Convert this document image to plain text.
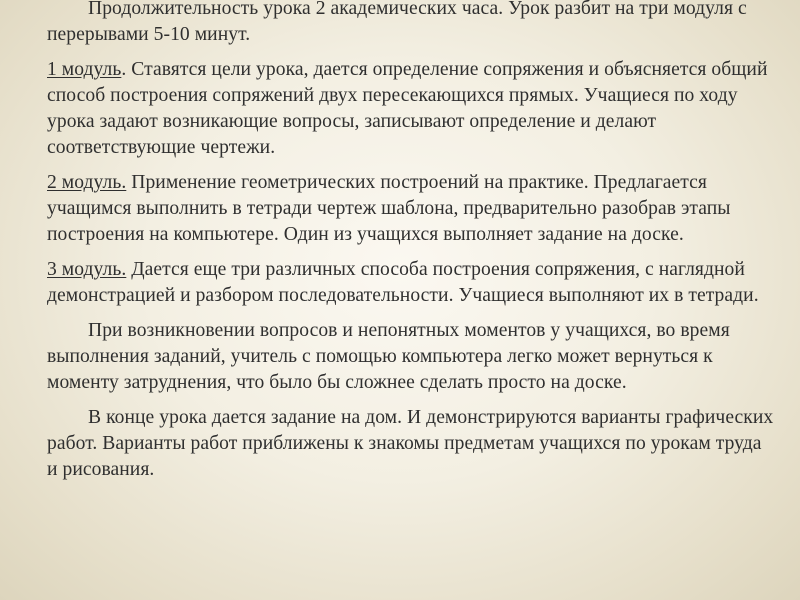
Продолжительность урока 2 академических часа. Урок разбит на три модуля с перерывами 5-10 минут.

1 модуль. Ставятся цели урока, дается определение сопряжения и объясняется общий способ построения сопряжений двух пересекающихся прямых. Учащиеся по ходу урока задают возникающие вопросы, записывают определение и делают соответствующие чертежи.

2 модуль. Применение геометрических построений на практике. Предлагается учащимся выполнить в тетради чертеж шаблона, предварительно разобрав этапы построения на компьютере. Один из учащихся выполняет задание на доске.

3 модуль. Дается еще три различных способа построения сопряжения, с наглядной демонстрацией и разбором последовательности. Учащиеся выполняют их в тетради.

При возникновении вопросов и непонятных моментов у учащихся, во время выполнения заданий, учитель с помощью компьютера легко может вернуться к моменту затруднения, что было бы сложнее сделать просто на доске.

В конце урока дается задание на дом. И демонстрируются варианты графических работ. Варианты работ приближены к знакомы предметам учащихся по урокам труда и рисования.
